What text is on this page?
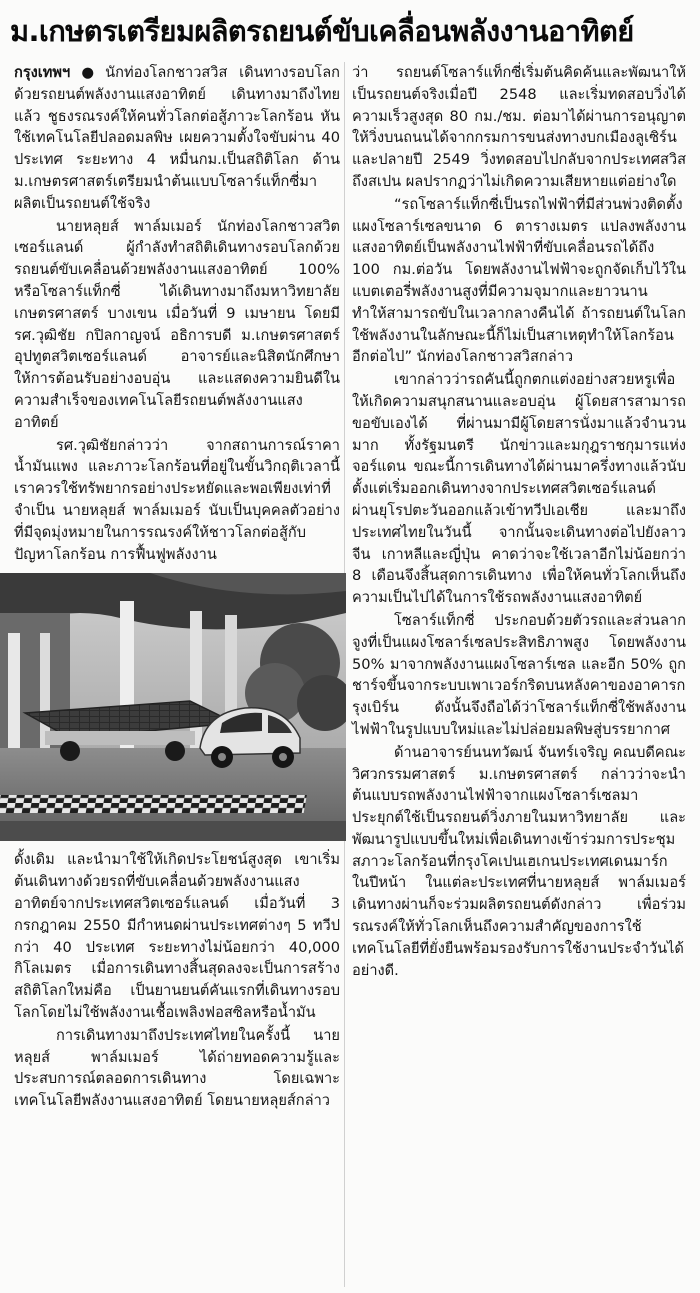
ม.เกษตรเตรียมผลิตรถยนต์ขับเคลื่อนพลังงานอาทิตย์

กรุงเทพฯ ● นักท่องโลกชาวสวิส เดินทางรอบโลกด้วยรถยนต์พลังงานแสงอาทิตย์ เดินทางมาถึงไทยแล้ว ชูธงรณรงค์ให้คนทั่วโลกต่อสู้ภาวะโลกร้อน หันใช้เทคโนโลยีปลอดมลพิษ เผยความตั้งใจขับผ่าน 40 ประเทศ ระยะทาง 4 หมื่นกม.เป็นสถิติโลก ด้าน ม.เกษตรศาสตร์เตรียมนำต้นแบบโซลาร์แท็กซี่มาผลิตเป็นรถยนต์ใช้จริง

นายหลุยส์ พาล์มเมอร์ นักท่องโลกชาวสวิตเซอร์แลนด์ ผู้กำลังทำสถิติเดินทางรอบโลกด้วยรถยนต์ขับเคลื่อนด้วยพลังงานแสงอาทิตย์ 100% หรือโซลาร์แท็กซี่ ได้เดินทางมาถึงมหาวิทยาลัยเกษตรศาสตร์ บางเขน เมื่อวันที่ 9 เมษายน โดยมี รศ.วุฒิชัย กปิลกาญจน์ อธิการบดี ม.เกษตรศาสตร์ อุปทูตสวิตเซอร์แลนด์ อาจารย์และนิสิตนักศึกษาให้การต้อนรับอย่างอบอุ่น และแสดงความยินดีในความสำเร็จของเทคโนโลยีรถยนต์พลังงานแสงอาทิตย์

รศ.วุฒิชัยกล่าวว่า จากสถานการณ์ราคาน้ำมันแพง และภาวะโลกร้อนที่อยู่ในขั้นวิกฤติเวลานี้ เราควรใช้ทรัพยากรอย่างประหยัดและพอเพียงเท่าที่จำเป็น นายหลุยส์ พาล์มเมอร์ นับเป็นบุคคลตัวอย่างที่มีจุดมุ่งหมายในการรณรงค์ให้ชาวโลกต่อสู้กับปัญหาโลกร้อน การฟื้นฟูพลังงาน

ดั้งเดิม และนำมาใช้ให้เกิดประโยชน์สูงสุด เขาเริ่มต้นเดินทางด้วยรถที่ขับเคลื่อนด้วยพลังงานแสงอาทิตย์จากประเทศสวิตเซอร์แลนด์ เมื่อวันที่ 3 กรกฎาคม 2550 มีกำหนดผ่านประเทศต่างๆ 5 ทวีปกว่า 40 ประเทศ ระยะทางไม่น้อยกว่า 40,000 กิโลเมตร เมื่อการเดินทางสิ้นสุดลงจะเป็นการสร้างสถิติโลกใหม่คือ เป็นยานยนต์คันแรกที่เดินทางรอบโลกโดยไม่ใช้พลังงานเชื้อเพลิงฟอสซิลหรือน้ำมัน

การเดินทางมาถึงประเทศไทยในครั้งนี้ นายหลุยส์ พาล์มเมอร์ ได้ถ่ายทอดความรู้และประสบการณ์ตลอดการเดินทาง โดยเฉพาะเทคโนโลยีพลังงานแสงอาทิตย์ โดยนายหลุยส์กล่าว

ว่า รถยนต์โซลาร์แท็กซี่เริ่มต้นคิดค้นและพัฒนาให้เป็นรถยนต์จริงเมื่อปี 2548 และเริ่มทดสอบวิ่งได้ความเร็วสูงสุด 80 กม./ชม. ต่อมาได้ผ่านการอนุญาตให้วิ่งบนถนนได้จากกรมการขนส่งทางบกเมืองลูเซิร์น และปลายปี 2549 วิ่งทดสอบไปกลับจากประเทศสวิสถึงสเปน ผลปรากฏว่าไม่เกิดความเสียหายแต่อย่างใด

“รถโซลาร์แท็กซี่เป็นรถไฟฟ้าที่มีส่วนพ่วงติดตั้งแผงโซลาร์เซลขนาด 6 ตารางเมตร แปลงพลังงานแสงอาทิตย์เป็นพลังงานไฟฟ้าที่ขับเคลื่อนรถได้ถึง 100 กม.ต่อวัน โดยพลังงานไฟฟ้าจะถูกจัดเก็บไว้ในแบตเตอรี่พลังงานสูงที่มีความจุมากและยาวนาน ทำให้สามารถขับในเวลากลางคืนได้ ถ้ารถยนต์ในโลกใช้พลังงานในลักษณะนี้ก็ไม่เป็นสาเหตุทำให้โลกร้อนอีกต่อไป” นักท่องโลกชาวสวิสกล่าว

เขากล่าวว่ารถคันนี้ถูกตกแต่งอย่างสวยหรูเพื่อให้เกิดความสนุกสนานและอบอุ่น ผู้โดยสารสามารถขอขับเองได้ ที่ผ่านมามีผู้โดยสารนั่งมาแล้วจำนวนมาก ทั้งรัฐมนตรี นักข่าวและมกุฎราชกุมารแห่งจอร์แดน ขณะนี้การเดินทางได้ผ่านมาครึ่งทางแล้วนับตั้งแต่เริ่มออกเดินทางจากประเทศสวิตเซอร์แลนด์ ผ่านยุโรปตะวันออกแล้วเข้าทวีปเอเชีย และมาถึงประเทศไทยในวันนี้ จากนั้นจะเดินทางต่อไปยังลาว จีน เกาหลีและญี่ปุ่น คาดว่าจะใช้เวลาอีกไม่น้อยกว่า 8 เดือนจึงสิ้นสุดการเดินทาง เพื่อให้คนทั่วโลกเห็นถึงความเป็นไปได้ในการใช้รถพลังงานแสงอาทิตย์

โซลาร์แท็กซี่ ประกอบด้วยตัวรถและส่วนลากจูงที่เป็นแผงโซลาร์เซลประสิทธิภาพสูง โดยพลังงาน 50% มาจากพลังงานแผงโซลาร์เซล และอีก 50% ถูกชาร์จขึ้นจากระบบเพาเวอร์กริดบนหลังคาของอาคารกรุงเบิร์น ดังนั้นจึงถือได้ว่าโซลาร์แท็กซี่ใช้พลังงานไฟฟ้าในรูปแบบใหม่และไม่ปล่อยมลพิษสู่บรรยากาศ

ด้านอาจารย์นนทวัฒน์ จันทร์เจริญ คณบดีคณะวิศวกรรมศาสตร์ ม.เกษตรศาสตร์ กล่าวว่าจะนำต้นแบบรถพลังงานไฟฟ้าจากแผงโซลาร์เซลมาประยุกต์ใช้เป็นรถยนต์วิ่งภายในมหาวิทยาลัย และพัฒนารูปแบบขึ้นใหม่เพื่อเดินทางเข้าร่วมการประชุมสภาวะโลกร้อนที่กรุงโคเปนเฮเกนประเทศเดนมาร์ก ในปีหน้า ในแต่ละประเทศที่นายหลุยส์ พาล์มเมอร์ เดินทางผ่านก็จะร่วมผลิตรถยนต์ดังกล่าว เพื่อร่วมรณรงค์ให้ทั่วโลกเห็นถึงความสำคัญของการใช้เทคโนโลยีที่ยั่งยืนพร้อมรองรับการใช้งานประจำวันได้อย่างดี.
